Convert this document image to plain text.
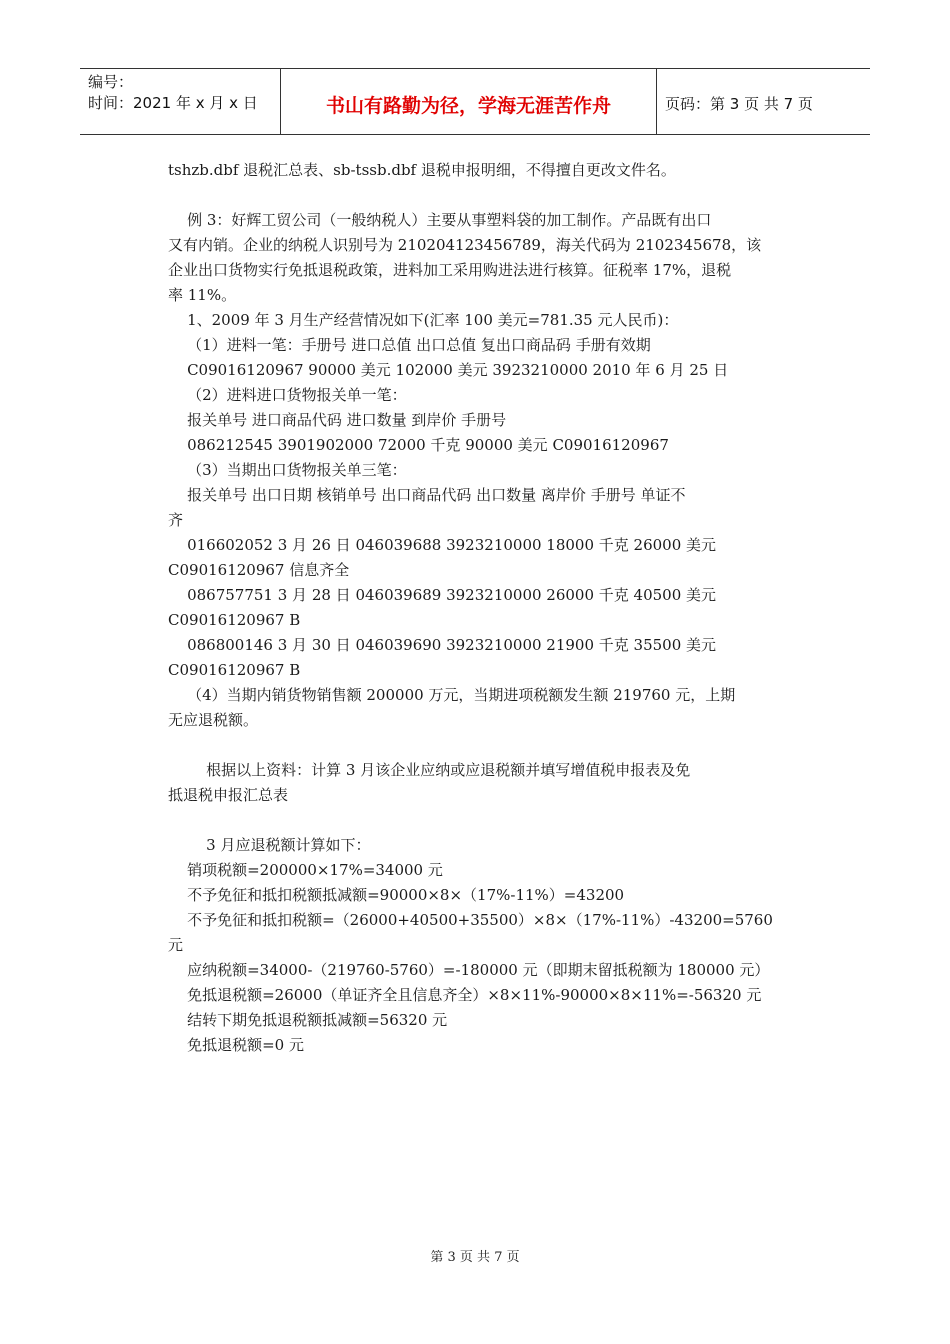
编号：
时间：2021 年 x 月 x 日	书山有路勤为径，学海无涯苦作舟	页码：第 3 页 共 7 页

tshzb.dbf 退税汇总表、sb-tssb.dbf 退税申报明细，不得擅自更改文件名。

例 3：好辉工贸公司（一般纳税人）主要从事塑料袋的加工制作。产品既有出口

又有内销。企业的纳税人识别号为 210204123456789，海关代码为 2102345678，该

企业出口货物实行免抵退税政策，进料加工采用购进法进行核算。征税率 17%，退税

率 11%。

1、2009 年 3 月生产经营情况如下(汇率 100 美元=781.35 元人民币)：

（1）进料一笔：手册号 进口总值 出口总值 复出口商品码 手册有效期

C09016120967 90000 美元 102000 美元 3923210000 2010 年 6 月 25 日

（2）进料进口货物报关单一笔：

报关单号 进口商品代码 进口数量 到岸价 手册号

086212545 3901902000 72000 千克 90000 美元 C09016120967

（3）当期出口货物报关单三笔：

报关单号 出口日期 核销单号 出口商品代码 出口数量 离岸价 手册号 单证不

齐

016602052 3 月 26 日 046039688 3923210000 18000 千克 26000 美元

C09016120967 信息齐全

086757751 3 月 28 日 046039689 3923210000 26000 千克 40500 美元

C09016120967 B

086800146 3 月 30 日 046039690 3923210000 21900 千克 35500 美元

C09016120967 B

（4）当期内销货物销售额 200000 万元，当期进项税额发生额 219760 元，上期

无应退税额。

根据以上资料：计算 3 月该企业应纳或应退税额并填写增值税申报表及免

抵退税申报汇总表

3 月应退税额计算如下：

销项税额=200000×17%=34000 元

不予免征和抵扣税额抵减额=90000×8×（17%-11%）=43200

不予免征和抵扣税额=（26000+40500+35500）×8×（17%-11%）-43200=5760 元

应纳税额=34000-（219760-5760）=-180000 元（即期末留抵税额为 180000 元）

免抵退税额=26000（单证齐全且信息齐全）×8×11%-90000×8×11%=-56320 元

结转下期免抵退税额抵减额=56320 元

免抵退税额=0 元

第 3 页 共 7 页
